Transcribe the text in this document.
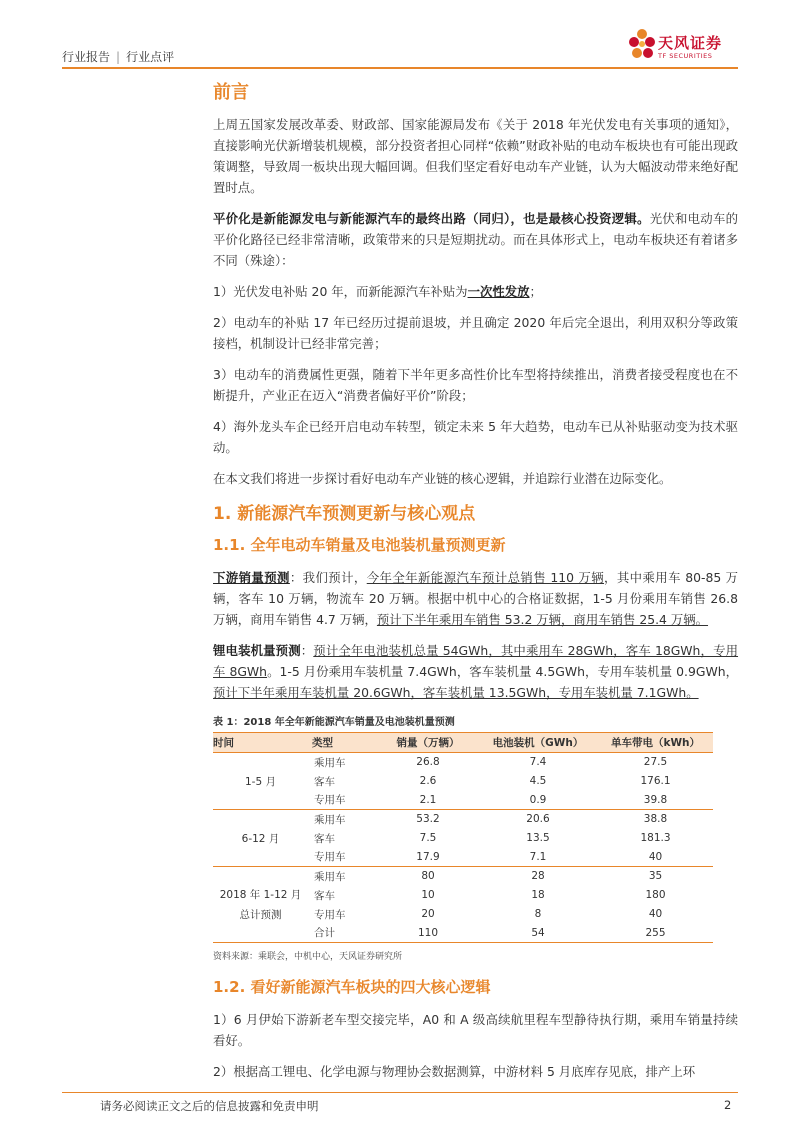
行业报告 | 行业点评
天风证券
TF SECURITIES
前言

上周五国家发展改革委、财政部、国家能源局发布《关于 2018 年光伏发电有关事项的通知》，直接影响光伏新增装机规模，部分投资者担心同样“依赖”财政补贴的电动车板块也有可能出现政策调整，导致周一板块出现大幅回调。但我们坚定看好电动车产业链，认为大幅波动带来绝好配置时点。

平价化是新能源发电与新能源汽车的最终出路（同归），也是最核心投资逻辑。光伏和电动车的平价化路径已经非常清晰，政策带来的只是短期扰动。而在具体形式上，电动车板块还有着诸多不同（殊途）：

1）光伏发电补贴 20 年，而新能源汽车补贴为一次性发放；

2）电动车的补贴 17 年已经历过提前退坡，并且确定 2020 年后完全退出，利用双积分等政策接档，机制设计已经非常完善；

3）电动车的消费属性更强，随着下半年更多高性价比车型将持续推出，消费者接受程度也在不断提升，产业正在迈入“消费者偏好平价”阶段；

4）海外龙头车企已经开启电动车转型，锁定未来 5 年大趋势，电动车已从补贴驱动变为技术驱动。

在本文我们将进一步探讨看好电动车产业链的核心逻辑，并追踪行业潜在边际变化。

1. 新能源汽车预测更新与核心观点
1.1. 全年电动车销量及电池装机量预测更新

下游销量预测：我们预计，今年全年新能源汽车预计总销售 110 万辆，其中乘用车 80-85 万辆，客车 10 万辆，物流车 20 万辆。根据中机中心的合格证数据，1-5 月份乘用车销售 26.8 万辆，商用车销售 4.7 万辆，预计下半年乘用车销售 53.2 万辆，商用车销售 25.4 万辆。

锂电装机量预测：预计全年电池装机总量 54GWh，其中乘用车 28GWh，客车 18GWh，专用车 8GWh。1-5 月份乘用车装机量 7.4GWh，客车装机量 4.5GWh，专用车装机量 0.9GWh，预计下半年乘用车装机量 20.6GWh，客车装机量 13.5GWh，专用车装机量 7.1GWh。

表 1：2018 年全年新能源汽车销量及电池装机量预测
时间	类型	销量（万辆）	电池装机（GWh）	单车带电（kWh）
1-5 月	乘用车	26.8	7.4	27.5
	客车	2.6	4.5	176.1
	专用车	2.1	0.9	39.8
6-12 月	乘用车	53.2	20.6	38.8
	客车	7.5	13.5	181.3
	专用车	17.9	7.1	40

2018 年 1-12 月
总计预测	乘用车	80	28	35
	客车	10	18	180
	专用车	20	8	40
	合计	110	54	255
资料来源：乘联会，中机中心，天风证券研究所
1.2. 看好新能源汽车板块的四大核心逻辑

1）6 月伊始下游新老车型交接完毕，A0 和 A 级高续航里程车型静待执行期，乘用车销量持续看好。

2）根据高工锂电、化学电源与物理协会数据测算，中游材料 5 月底库存见底，排产上环

请务必阅读正文之后的信息披露和免责申明	2
